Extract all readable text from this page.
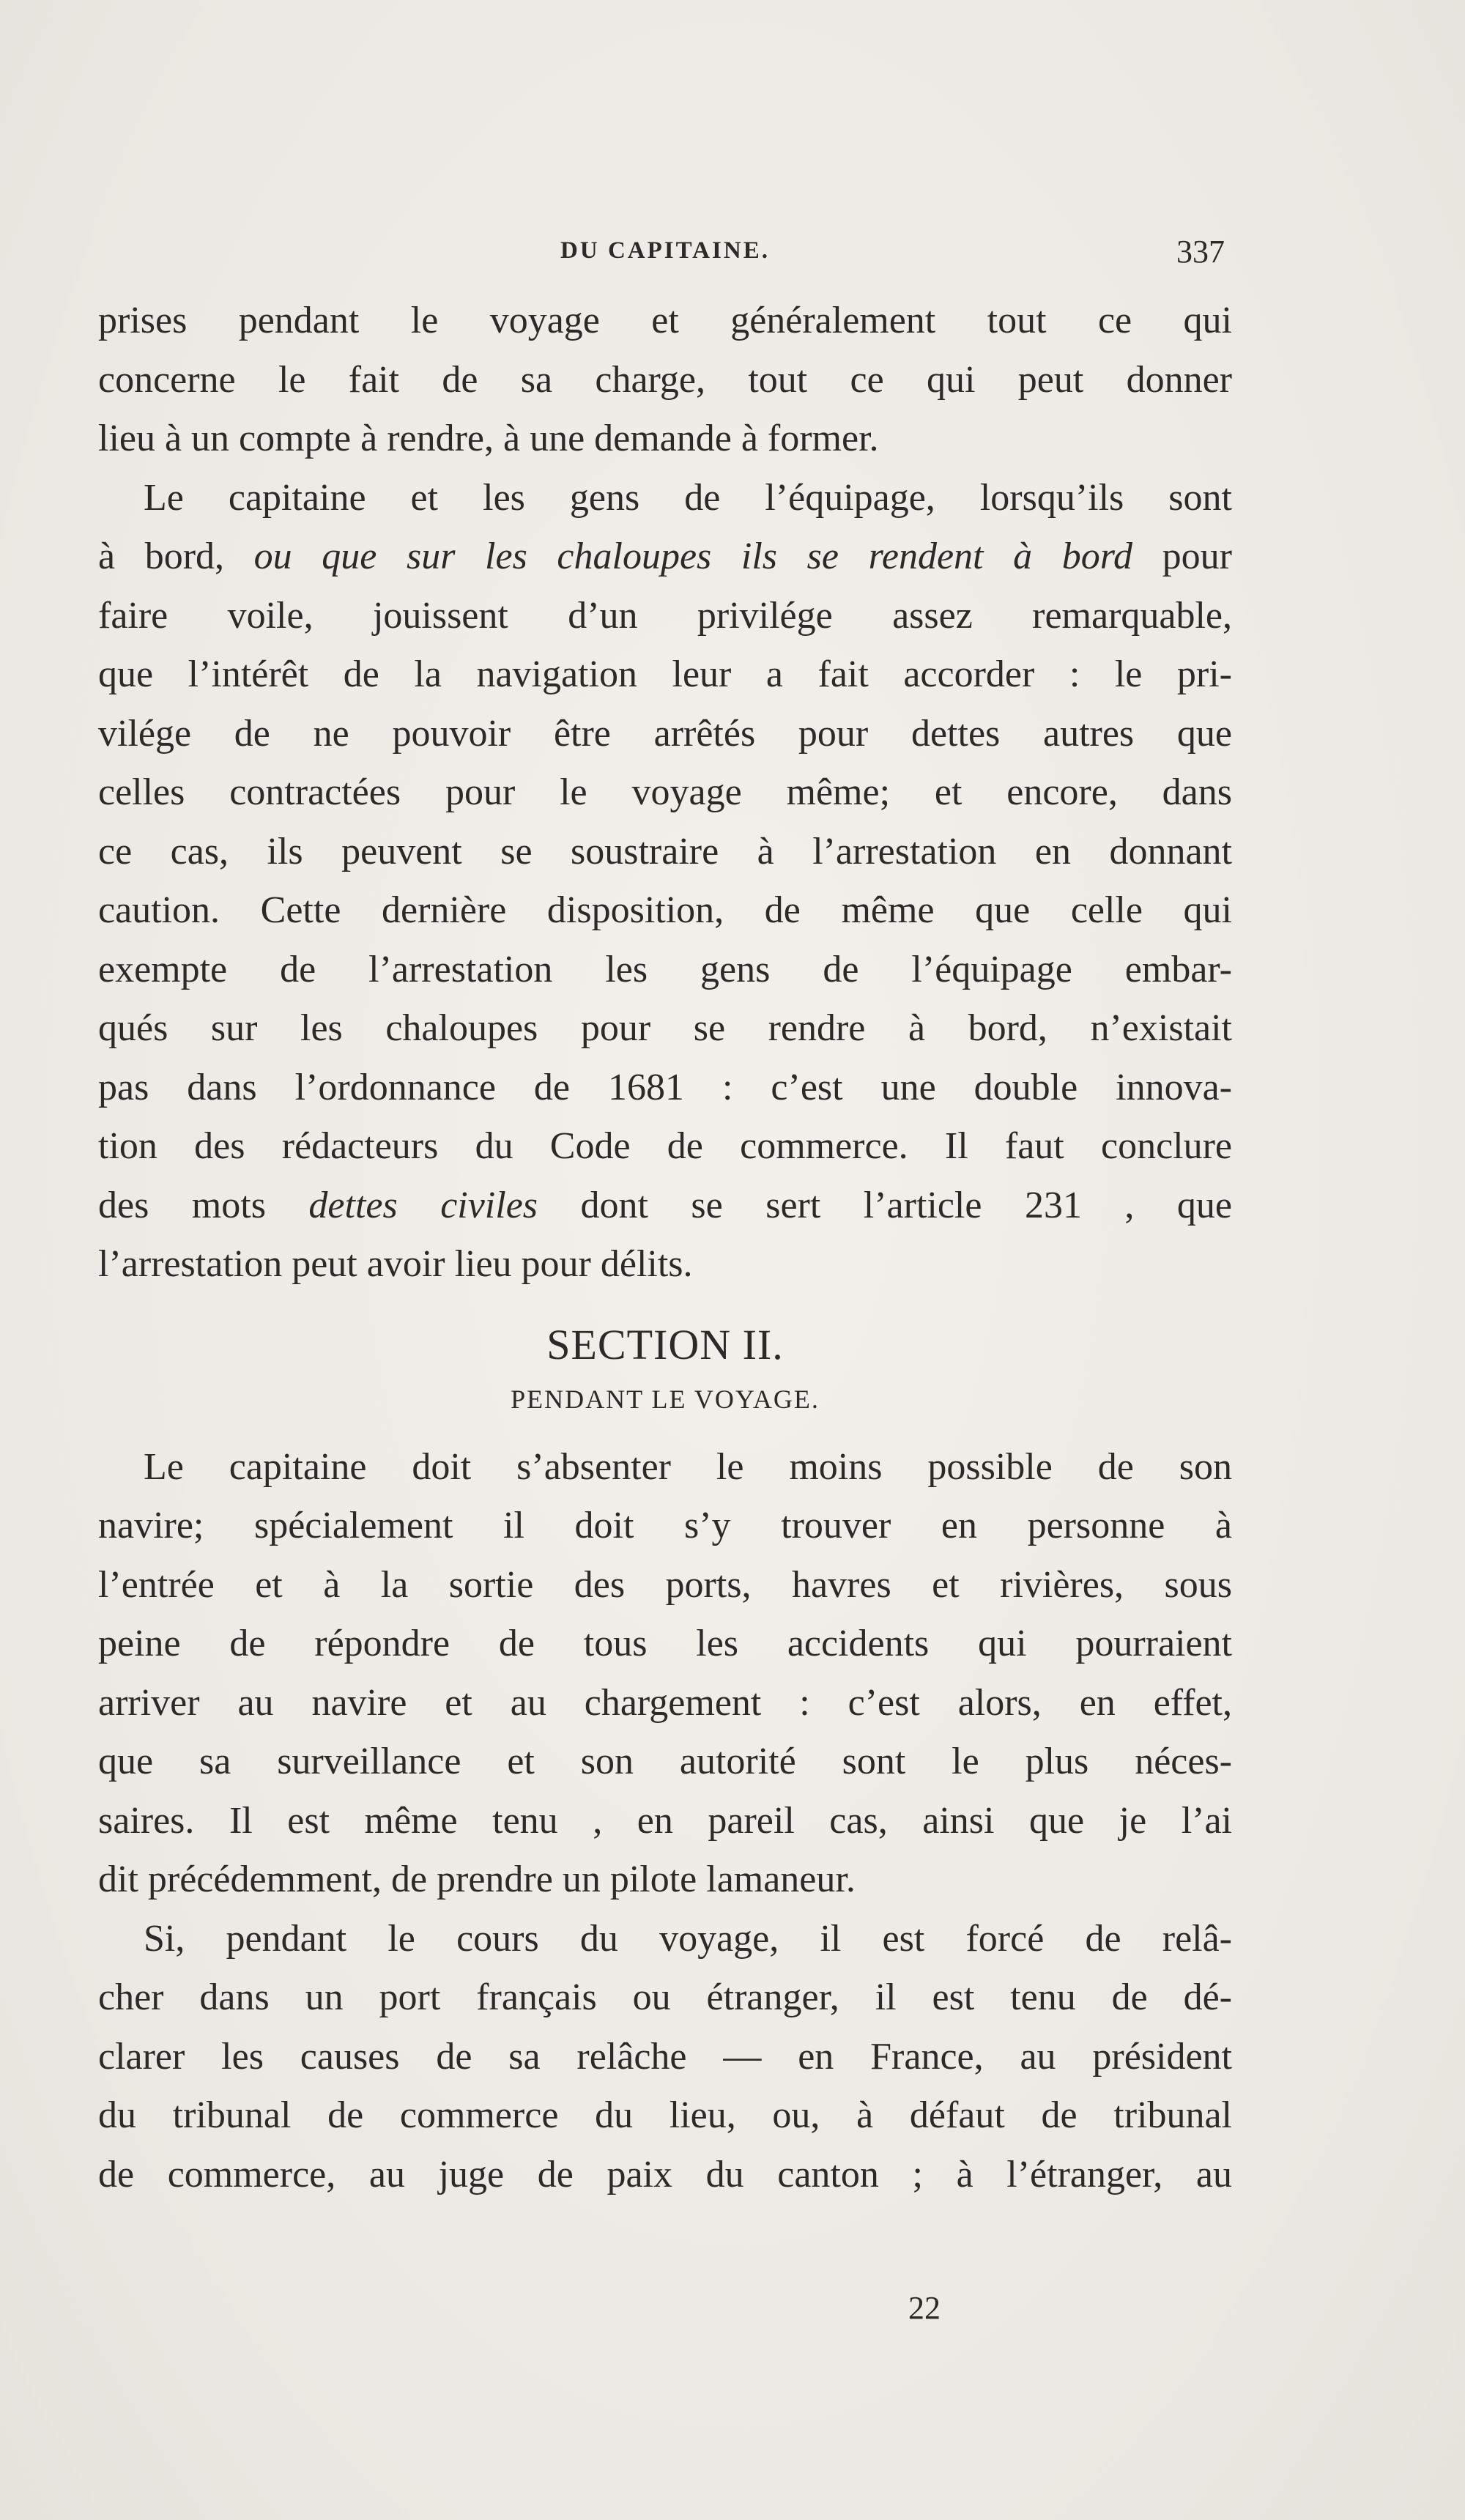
DU CAPITAINE.	337
prises pendant le voyage et généralement tout ce qui
concerne le fait de sa charge, tout ce qui peut donner
lieu à un compte à rendre, à une demande à former.
Le capitaine et les gens de l’équipage, lorsqu’ils sont
à bord, ou que sur les chaloupes ils se rendent à bord pour
faire voile, jouissent d’un privilége assez remarquable,
que l’intérêt de la navigation leur a fait accorder : le pri-
vilége de ne pouvoir être arrêtés pour dettes autres que
celles contractées pour le voyage même; et encore, dans
ce cas, ils peuvent se soustraire à l’arrestation en donnant
caution. Cette dernière disposition, de même que celle qui
exempte de l’arrestation les gens de l’équipage embar-
qués sur les chaloupes pour se rendre à bord, n’existait
pas dans l’ordonnance de 1681 : c’est une double innova-
tion des rédacteurs du Code de commerce. Il faut conclure
des mots dettes civiles dont se sert l’article 231 , que
l’arrestation peut avoir lieu pour délits.
SECTION II.
PENDANT LE VOYAGE.
Le capitaine doit s’absenter le moins possible de son
navire; spécialement il doit s’y trouver en personne à
l’entrée et à la sortie des ports, havres et rivières, sous
peine de répondre de tous les accidents qui pourraient
arriver au navire et au chargement : c’est alors, en effet,
que sa surveillance et son autorité sont le plus néces-
saires. Il est même tenu , en pareil cas, ainsi que je l’ai
dit précédemment, de prendre un pilote lamaneur.
Si, pendant le cours du voyage, il est forcé de relâ-
cher dans un port français ou étranger, il est tenu de dé-
clarer les causes de sa relâche — en France, au président
du tribunal de commerce du lieu, ou, à défaut de tribunal
de commerce, au juge de paix du canton ; à l’étranger, au
22
